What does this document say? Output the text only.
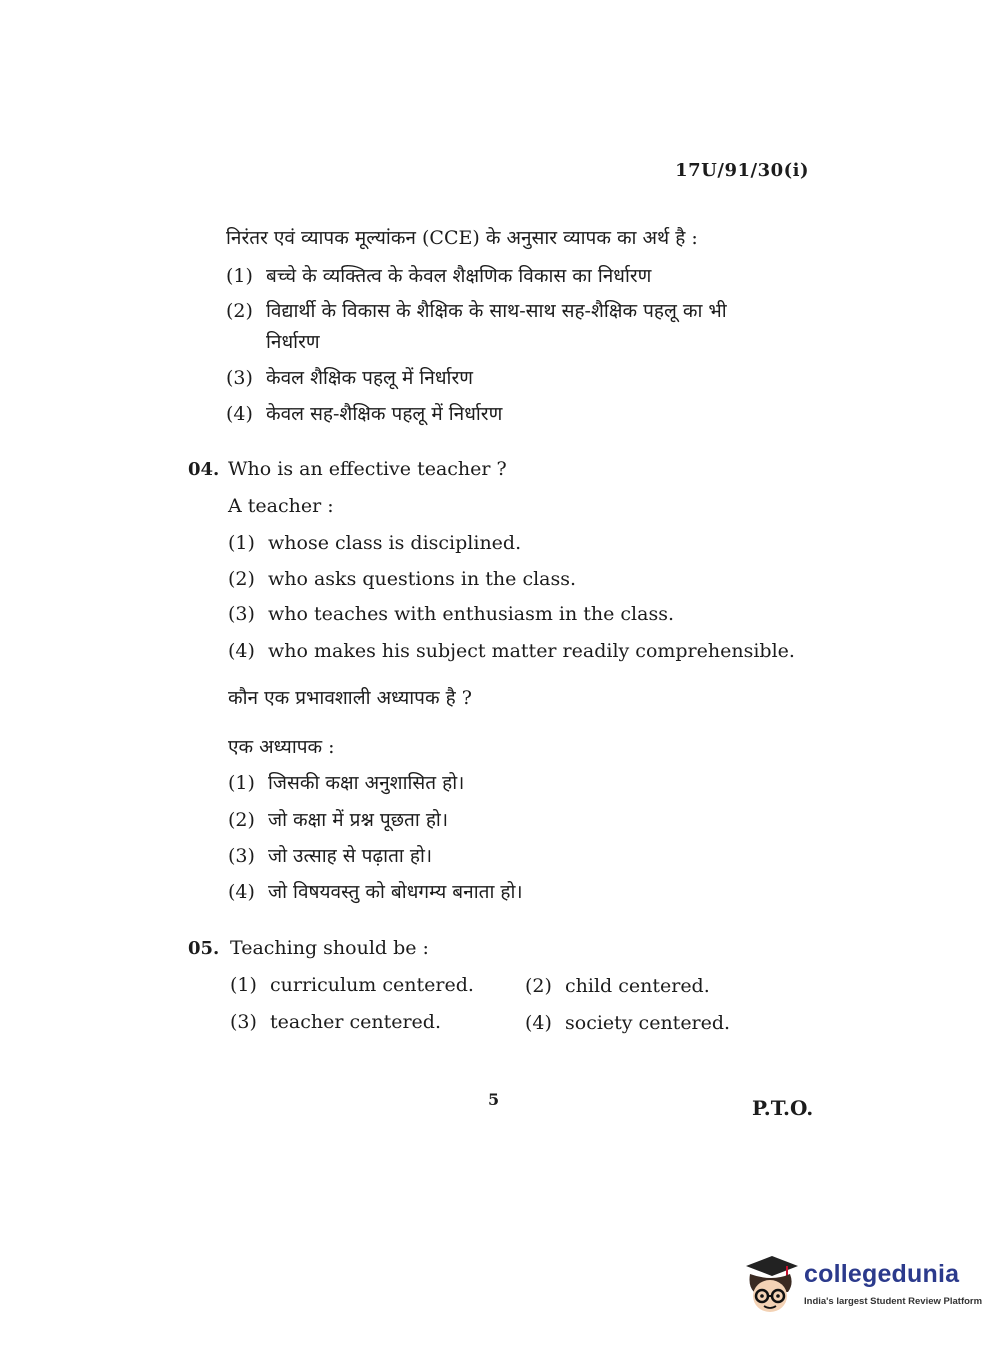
17U/91/30(i)
निरंतर एवं व्यापक मूल्यांकन (CCE) के अनुसार व्यापक का अर्थ है :
(1) बच्चे के व्यक्तित्व के केवल शैक्षणिक विकास का निर्धारण
(2) विद्यार्थी के विकास के शैक्षिक के साथ-साथ सह-शैक्षिक पहलू का भी
निर्धारण
(3) केवल शैक्षिक पहलू में निर्धारण
(4) केवल सह-शैक्षिक पहलू में निर्धारण
04. Who is an effective teacher ?
A teacher :
(1) whose class is disciplined.
(2) who asks questions in the class.
(3) who teaches with enthusiasm in the class.
(4) who makes his subject matter readily comprehensible.
कौन एक प्रभावशाली अध्यापक है ?
एक अध्यापक :
(1) जिसकी कक्षा अनुशासित हो।
(2) जो कक्षा में प्रश्न पूछता हो।
(3) जो उत्साह से पढ़ाता हो।
(4) जो विषयवस्तु को बोधगम्य बनाता हो।
05. Teaching should be :
(1) curriculum centered.	(2) child centered.
(3) teacher centered.	(4) society centered.
5	P.T.O.
collegedunia
India's largest Student Review Platform
